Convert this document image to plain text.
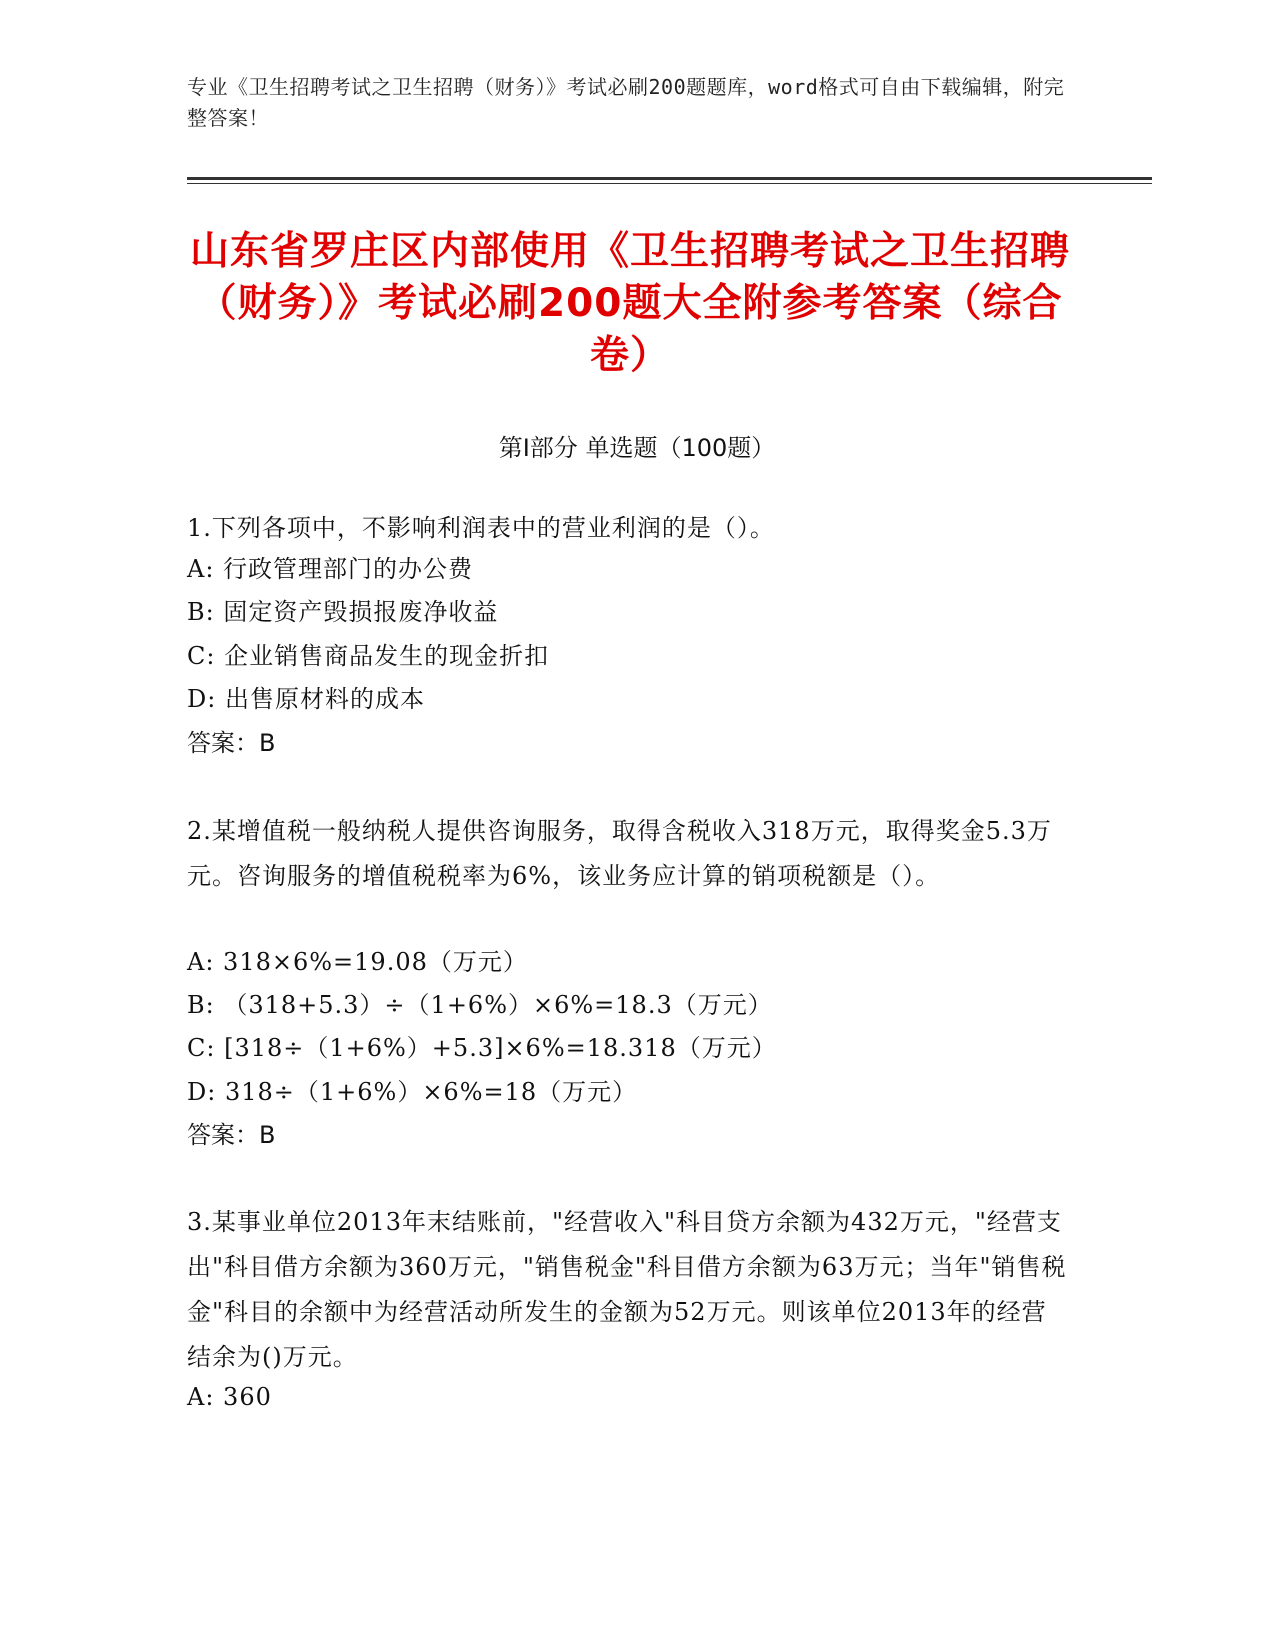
专业《卫生招聘考试之卫生招聘（财务）》考试必刷200题题库，word格式可自由下载编辑，附完整答案！
山东省罗庄区内部使用《卫生招聘考试之卫生招聘（财务）》考试必刷200题大全附参考答案（综合卷）
第Ⅰ部分 单选题（100题）
1.下列各项中，不影响利润表中的营业利润的是（）。
A: 行政管理部门的办公费
B: 固定资产毁损报废净收益
C: 企业销售商品发生的现金折扣
D: 出售原材料的成本
答案：B
2.某增值税一般纳税人提供咨询服务，取得含税收入318万元，取得奖金5.3万元。咨询服务的增值税税率为6%，该业务应计算的销项税额是（）。
A: 318×6%=19.08（万元）
B: （318+5.3）÷（1+6%）×6%=18.3（万元）
C: [318÷（1+6%）+5.3]×6%=18.318（万元）
D: 318÷（1+6%）×6%=18（万元）
答案：B
3.某事业单位2013年末结账前，"经营收入"科目贷方余额为432万元，"经营支出"科目借方余额为360万元，"销售税金"科目借方余额为63万元；当年"销售税金"科目的余额中为经营活动所发生的金额为52万元。则该单位2013年的经营结余为()万元。
A: 360
